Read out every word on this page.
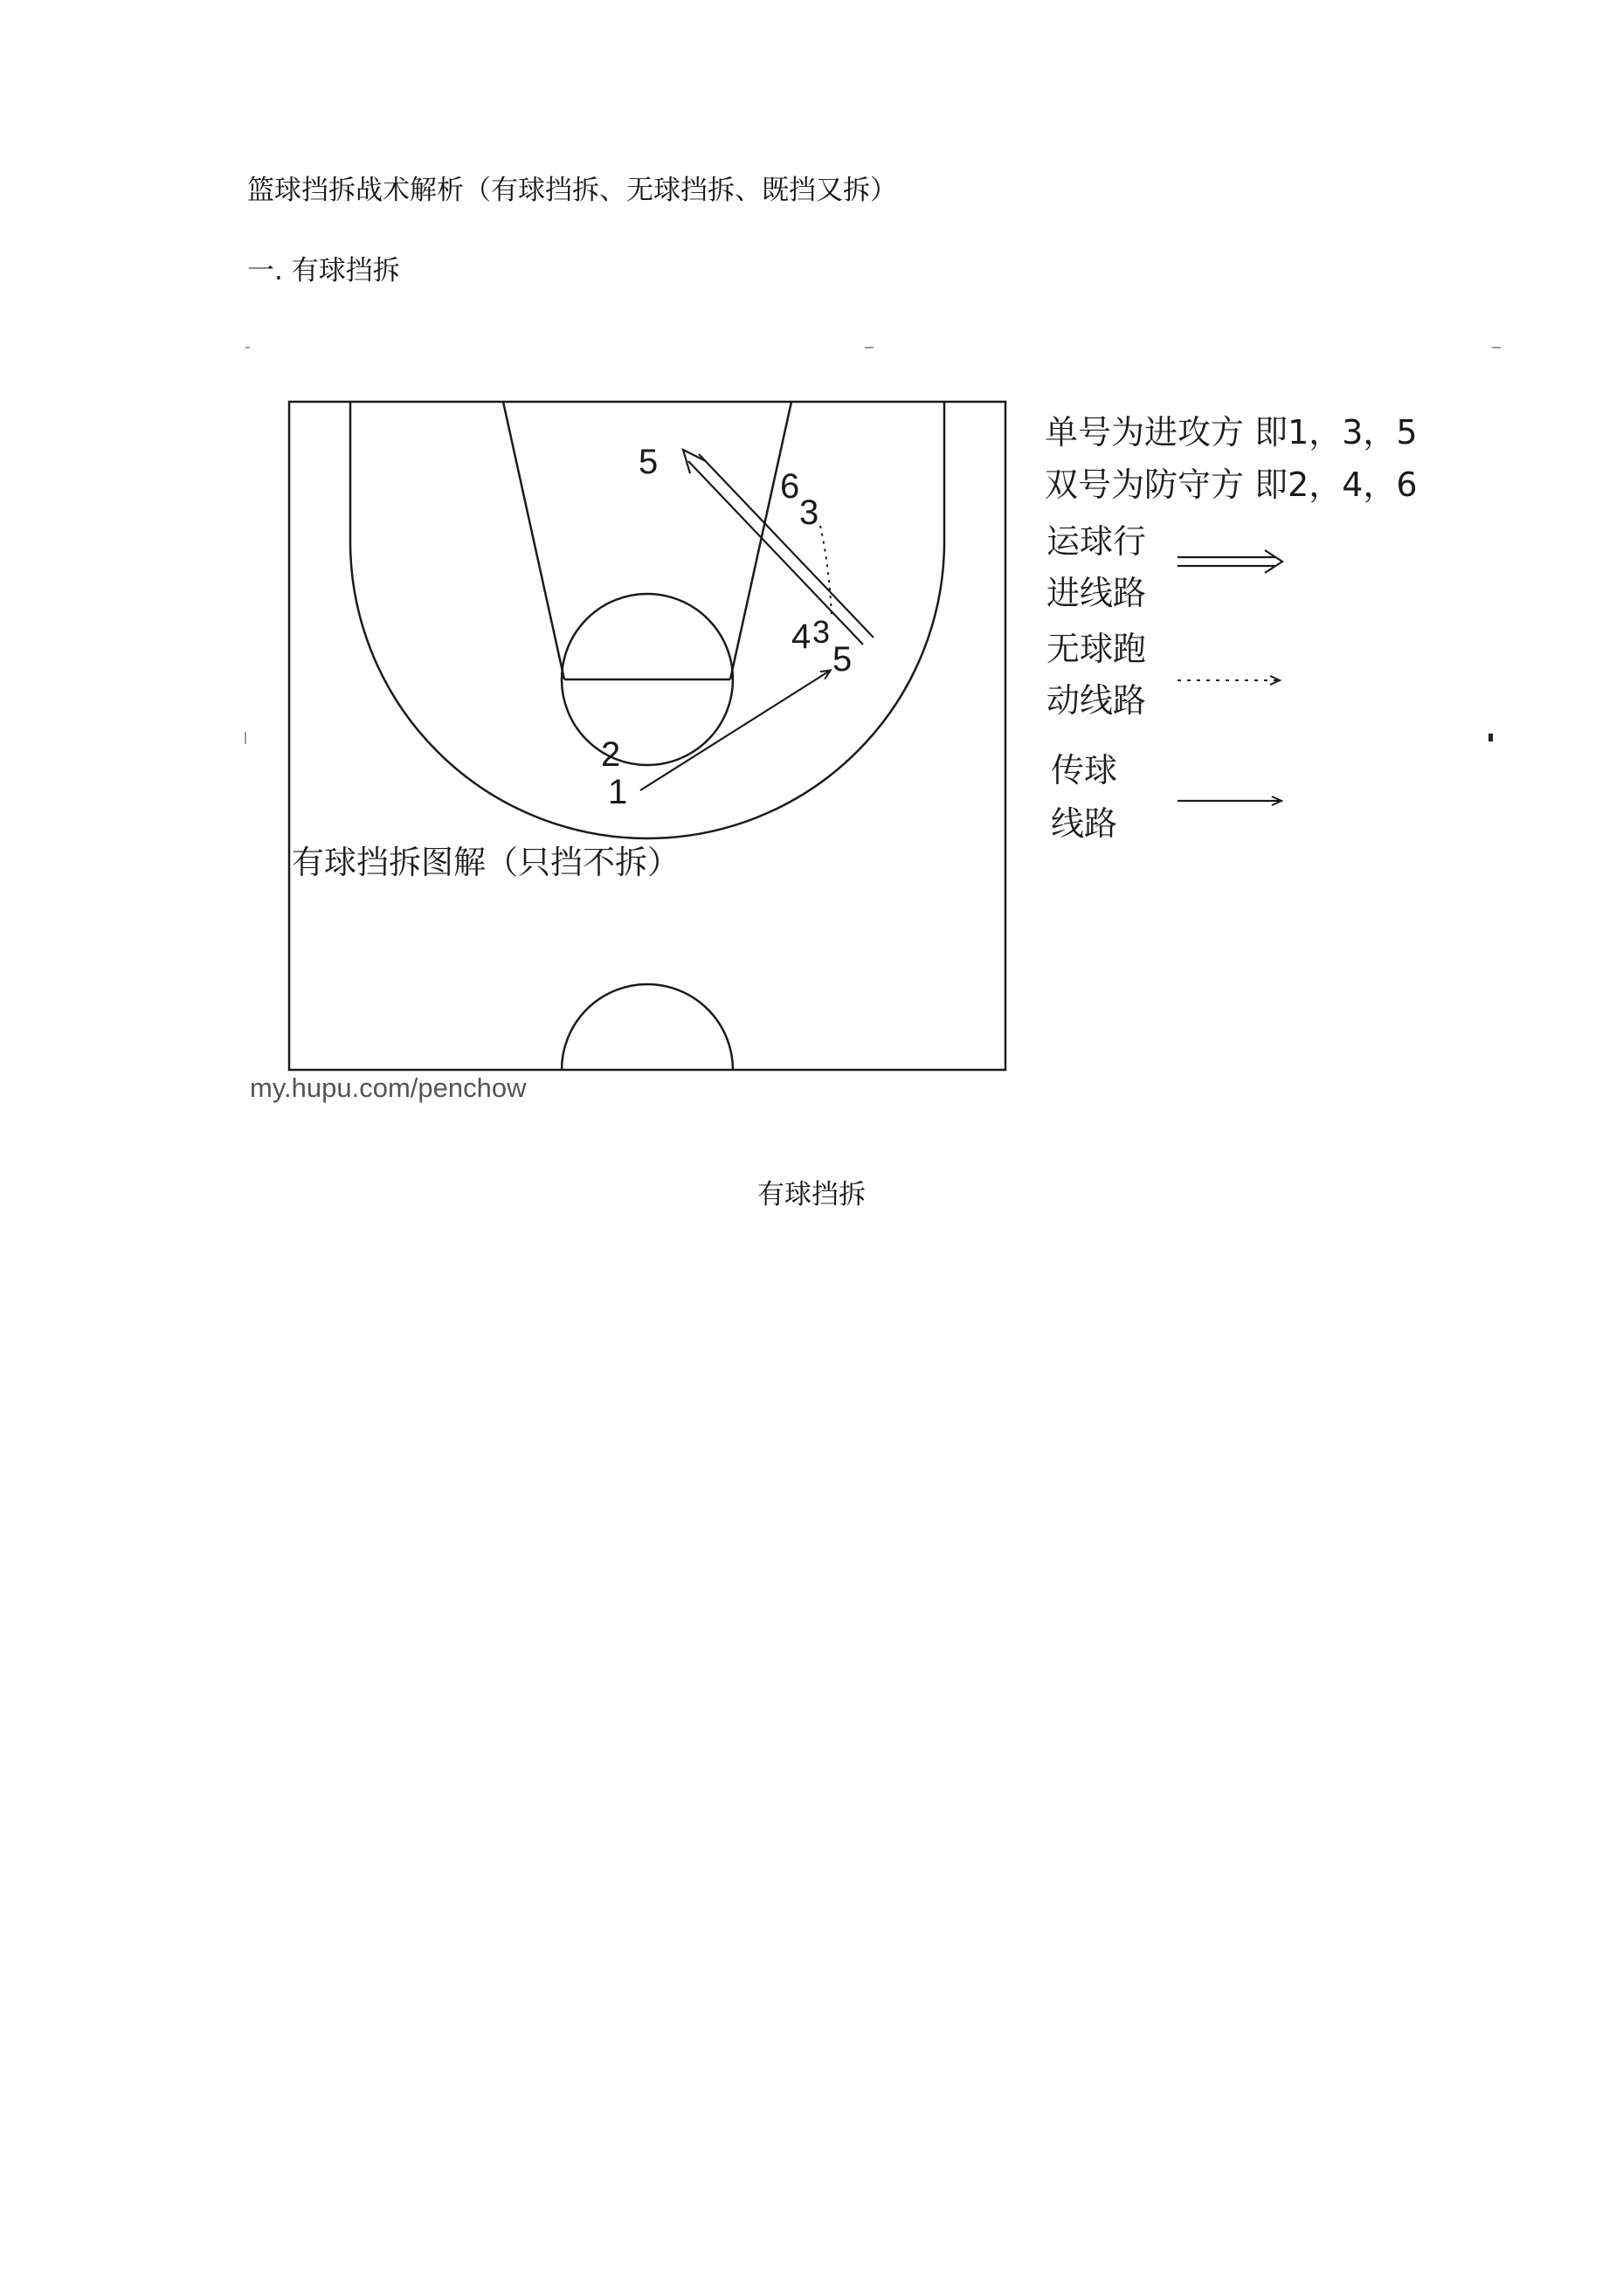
篮球挡拆战术解析（有球挡拆、无球挡拆、既挡又拆）
一. 有球挡拆
5
6
3
4 3
5
2
1
有球挡拆图解（只挡不拆）
my.hupu.com/penchow
单号为进攻方 即1，3，5
双号为防守方 即2，4，6
运球行
进线路
无球跑
动线路
传球
线路
有球挡拆
